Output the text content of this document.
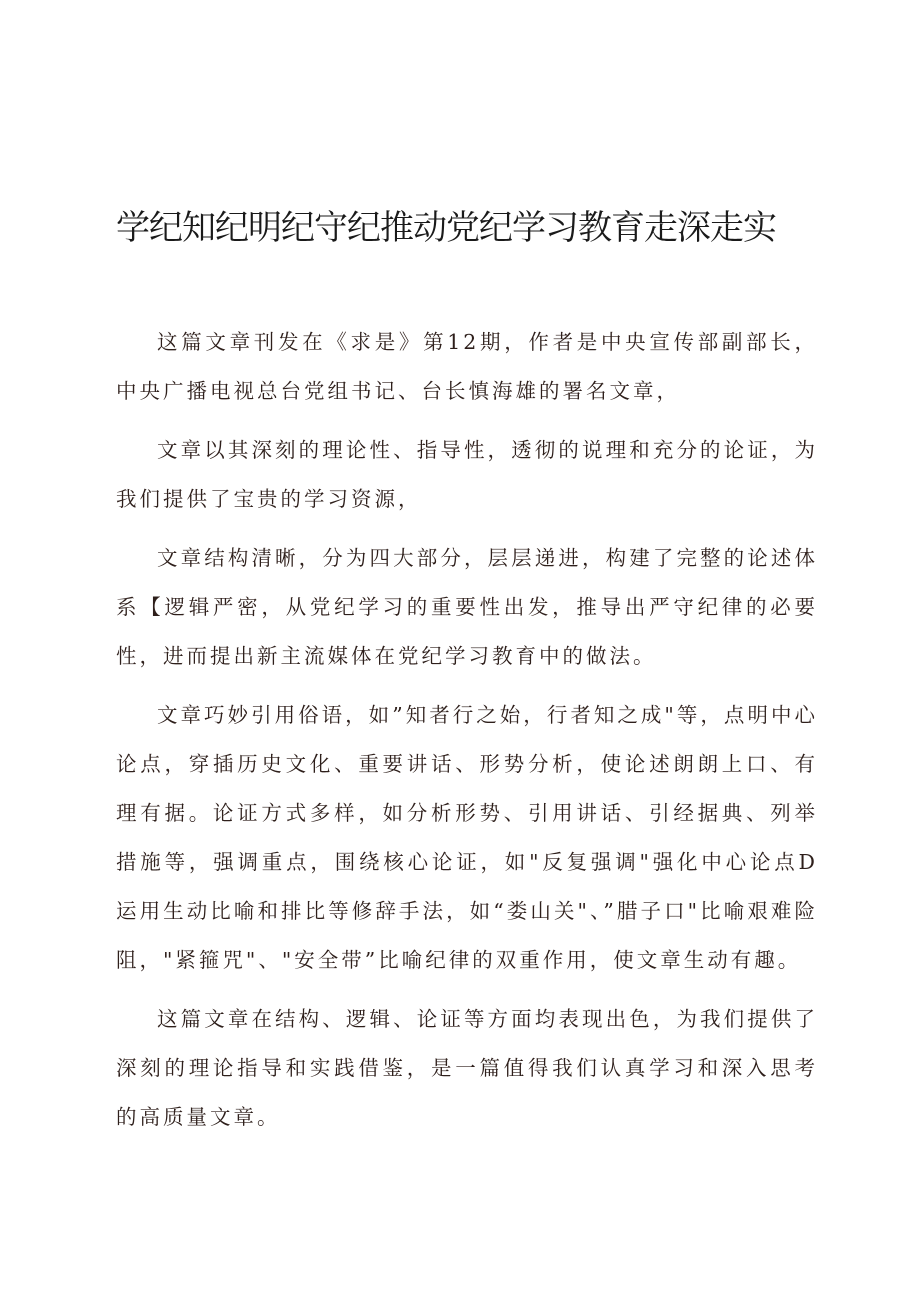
学纪知纪明纪守纪推动党纪学习教育走深走实

这篇文章刊发在《求是》第12期，作者是中央宣传部副部长，中央广播电视总台党组书记、台长慎海雄的署名文章，

文章以其深刻的理论性、指导性，透彻的说理和充分的论证，为我们提供了宝贵的学习资源，

文章结构清晰，分为四大部分，层层递进，构建了完整的论述体系【逻辑严密，从党纪学习的重要性出发，推导出严守纪律的必要性，进而提出新主流媒体在党纪学习教育中的做法。

文章巧妙引用俗语，如”知者行之始，行者知之成"等，点明中心论点，穿插历史文化、重要讲话、形势分析，使论述朗朗上口、有理有据。论证方式多样，如分析形势、引用讲话、引经据典、列举措施等，强调重点，围绕核心论证，如"反复强调"强化中心论点D运用生动比喻和排比等修辞手法，如“娄山关"、”腊子口"比喻艰难险阻，"紧箍咒"、"安全带”比喻纪律的双重作用，使文章生动有趣。

这篇文章在结构、逻辑、论证等方面均表现出色，为我们提供了深刻的理论指导和实践借鉴，是一篇值得我们认真学习和深入思考的高质量文章。
